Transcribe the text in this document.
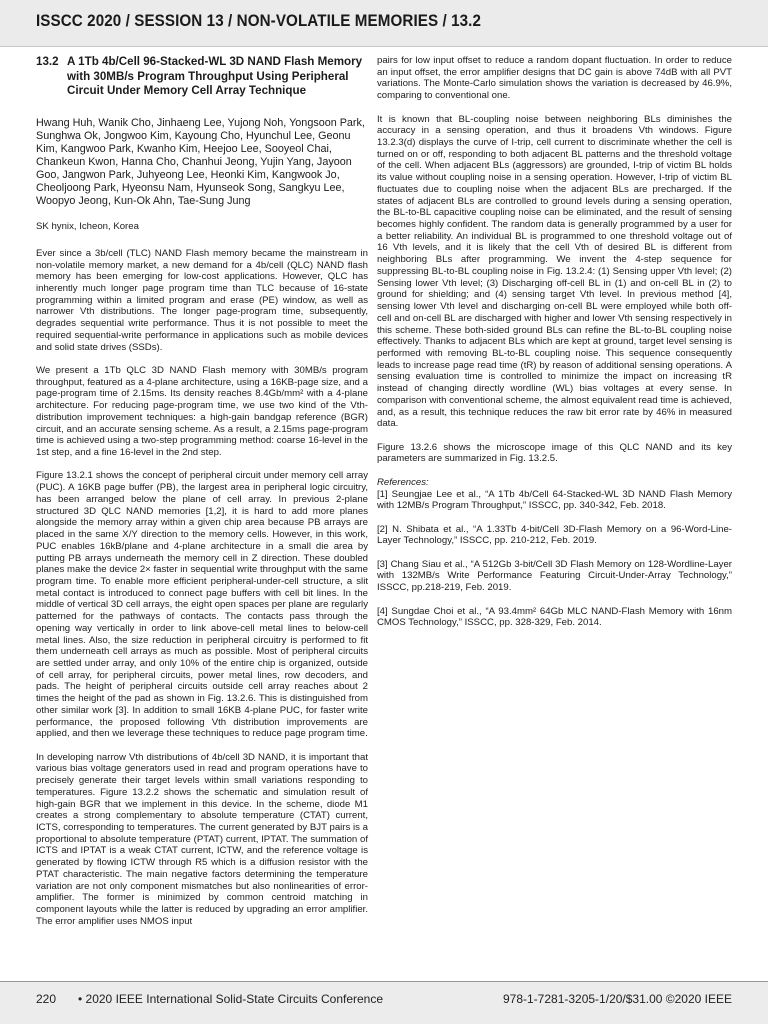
ISSCC 2020 / SESSION 13 / NON-VOLATILE MEMORIES / 13.2
13.2 A 1Tb 4b/Cell 96-Stacked-WL 3D NAND Flash Memory with 30MB/s Program Throughput Using Peripheral Circuit Under Memory Cell Array Technique
Hwang Huh, Wanik Cho, Jinhaeng Lee, Yujong Noh, Yongsoon Park, Sunghwa Ok, Jongwoo Kim, Kayoung Cho, Hyunchul Lee, Geonu Kim, Kangwoo Park, Kwanho Kim, Heejoo Lee, Sooyeol Chai, Chankeun Kwon, Hanna Cho, Chanhui Jeong, Yujin Yang, Jayoon Goo, Jangwon Park, Juhyeong Lee, Heonki Kim, Kangwook Jo, Cheoljoong Park, Hyeonsu Nam, Hyunseok Song, Sangkyu Lee, Woopyo Jeong, Kun-Ok Ahn, Tae-Sung Jung
SK hynix, Icheon, Korea

Ever since a 3b/cell (TLC) NAND Flash memory became the mainstream in non-volatile memory market, a new demand for a 4b/cell (QLC) NAND flash memory has been emerging for low-cost applications. However, QLC has inherently much longer page program time than TLC because of 16-state programming within a limited program and erase (PE) window, as well as narrower Vth distributions. The longer page-program time, subsequently, degrades sequential write performance. Thus it is not possible to meet the required sequential-write performance in applications such as mobile devices and solid state drives (SSDs).

We present a 1Tb QLC 3D NAND Flash memory with 30MB/s program throughput, featured as a 4-plane architecture, using a 16KB-page size, and a page-program time of 2.15ms. Its density reaches 8.4Gb/mm² with a 4-plane architecture. For reducing page-program time, we use two kind of the Vth-distribution improvement techniques: a high-gain bandgap reference (BGR) circuit, and an accurate sensing scheme. As a result, a 2.15ms page-program time is achieved using a two-step programming method: coarse 16-level in the 1st step, and a fine 16-level in the 2nd step.

Figure 13.2.1 shows the concept of peripheral circuit under memory cell array (PUC). A 16KB page buffer (PB), the largest area in peripheral logic circuitry, has been arranged below the plane of cell array. In previous 2-plane structured 3D QLC NAND memories [1,2], it is hard to add more planes alongside the memory array within a given chip area because PB arrays are placed in the same X/Y direction to the memory cells. However, in this work, PUC enables 16kB/plane and 4-plane architecture in a small die area by putting PB arrays underneath the memory cell in Z direction. These doubled planes make the device 2× faster in sequential write throughput with the same program time. To enable more efficient peripheral-under-cell structure, a slit metal contact is introduced to connect page buffers with cell bit lines. In the middle of vertical 3D cell arrays, the eight open spaces per plane are regularly patterned for the pathways of contacts. The contacts pass through the opening way vertically in order to link above-cell metal lines to below-cell metal lines. Also, the size reduction in peripheral circuitry is performed to fit them underneath cell arrays as much as possible. Most of peripheral circuits are settled under array, and only 10% of the entire chip is organized, outside of cell array, for peripheral circuits, power metal lines, row decoders, and pads. The height of peripheral circuits outside cell array reaches about 2 times the height of the pad as shown in Fig. 13.2.6. This is distinguished from other similar work [3]. In addition to small 16KB 4-plane PUC, for faster write performance, the proposed following Vth distribution improvements are applied, and then we leverage these techniques to reduce page program time.

In developing narrow Vth distributions of 4b/cell 3D NAND, it is important that various bias voltage generators used in read and program operations have to precisely generate their target levels within small variations responding to temperatures. Figure 13.2.2 shows the schematic and simulation result of high-gain BGR that we implement in this device. In the scheme, diode M1 creates a strong complementary to absolute temperature (CTAT) current, ICTS, corresponding to temperatures. The current generated by BJT pairs is a proportional to absolute temperature (PTAT) current, IPTAT. The summation of ICTS and IPTAT is a weak CTAT current, ICTW, and the reference voltage is generated by flowing ICTW through R5 which is a diffusion resistor with the PTAT characteristic. The main negative factors determining the temperature variation are not only component mismatches but also nonlinearities of error-amplifier. The former is minimized by common centroid matching in component layouts while the latter is reduced by upgrading an error amplifier. The error amplifier uses NMOS input

pairs for low input offset to reduce a random dopant fluctuation. In order to reduce an input offset, the error amplifier designs that DC gain is above 74dB with all PVT variations. The Monte-Carlo simulation shows the variation is decreased by 46.9%, comparing to conventional one.

It is known that BL-coupling noise between neighboring BLs diminishes the accuracy in a sensing operation, and thus it broadens Vth windows. Figure 13.2.3(d) displays the curve of I-trip, cell current to discriminate whether the cell is turned on or off, responding to both adjacent BL patterns and the threshold voltage of the cell. When adjacent BLs (aggressors) are grounded, I-trip of victim BL holds its value without coupling noise in a sensing operation. However, I-trip of victim BL fluctuates due to coupling noise when the adjacent BLs are precharged. If the states of adjacent BLs are controlled to ground levels during a sensing operation, the BL-to-BL capacitive coupling noise can be eliminated, and the result of sensing becomes highly confident. The random data is generally programmed by a user for a better reliability. An individual BL is programmed to one threshold voltage out of 16 Vth levels, and it is likely that the cell Vth of desired BL is different from neighboring BLs after programming. We invent the 4-step sequence for suppressing BL-to-BL coupling noise in Fig. 13.2.4: (1) Sensing upper Vth level; (2) Sensing lower Vth level; (3) Discharging off-cell BL in (1) and on-cell BL in (2) to ground for shielding; and (4) sensing target Vth level. In previous method [4], sensing lower Vth level and discharging on-cell BL were employed while both off-cell and on-cell BL are discharged with higher and lower Vth sensing respectively in this scheme. These both-sided ground BLs can refine the BL-to-BL coupling noise effectively. Thanks to adjacent BLs which are kept at ground, target level sensing is performed with removing BL-to-BL coupling noise. This sequence consequently leads to increase page read time (tR) by reason of additional sensing operations. A sensing evaluation time is controlled to minimize the impact on increasing tR instead of changing directly wordline (WL) bias voltages at every sense. In comparison with conventional scheme, the almost equivalent read time is achieved, and, as a result, this technique reduces the raw bit error rate by 46% in measured data.

Figure 13.2.6 shows the microscope image of this QLC NAND and its key parameters are summarized in Fig. 13.2.5.

References:

[1] Seungjae Lee et al., “A 1Tb 4b/Cell 64-Stacked-WL 3D NAND Flash Memory with 12MB/s Program Throughput,” ISSCC, pp. 340-342, Feb. 2018.

[2] N. Shibata et al., “A 1.33Tb 4-bit/Cell 3D-Flash Memory on a 96-Word-Line-Layer Technology,” ISSCC, pp. 210-212, Feb. 2019.

[3] Chang Siau et al., “A 512Gb 3-bit/Cell 3D Flash Memory on 128-Wordline-Layer with 132MB/s Write Performance Featuring Circuit-Under-Array Technology,” ISSCC, pp.218-219, Feb. 2019.

[4] Sungdae Choi et al., “A 93.4mm² 64Gb MLC NAND-Flash Memory with 16nm CMOS Technology,” ISSCC, pp. 328-329, Feb. 2014.

220 • 2020 IEEE International Solid-State Circuits Conference	978-1-7281-3205-1/20/$31.00 ©2020 IEEE
